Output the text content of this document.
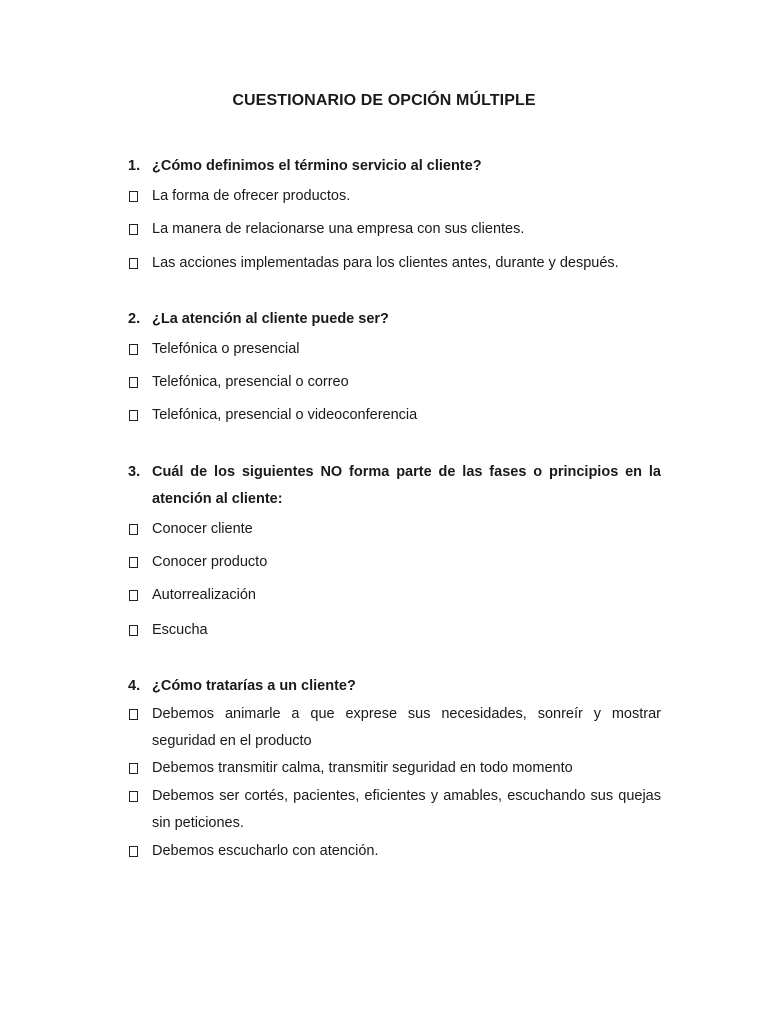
CUESTIONARIO DE OPCIÓN MÚLTIPLE
1. ¿Cómo definimos el término servicio al cliente?
La forma de ofrecer productos.
La manera de relacionarse una empresa con sus clientes.
Las acciones implementadas para los clientes antes, durante y después.
2. ¿La atención al cliente puede ser?
Telefónica o presencial
Telefónica, presencial o correo
Telefónica, presencial o videoconferencia
3. Cuál de los siguientes NO forma parte de las fases o principios en la atención al cliente:
Conocer cliente
Conocer producto
Autorrealización
Escucha
4. ¿Cómo tratarías a un cliente?
Debemos animarle a que exprese sus necesidades, sonreír y mostrar seguridad en el producto
Debemos transmitir calma, transmitir seguridad en todo momento
Debemos ser cortés, pacientes, eficientes y amables, escuchando sus quejas sin peticiones.
Debemos escucharlo con atención.
